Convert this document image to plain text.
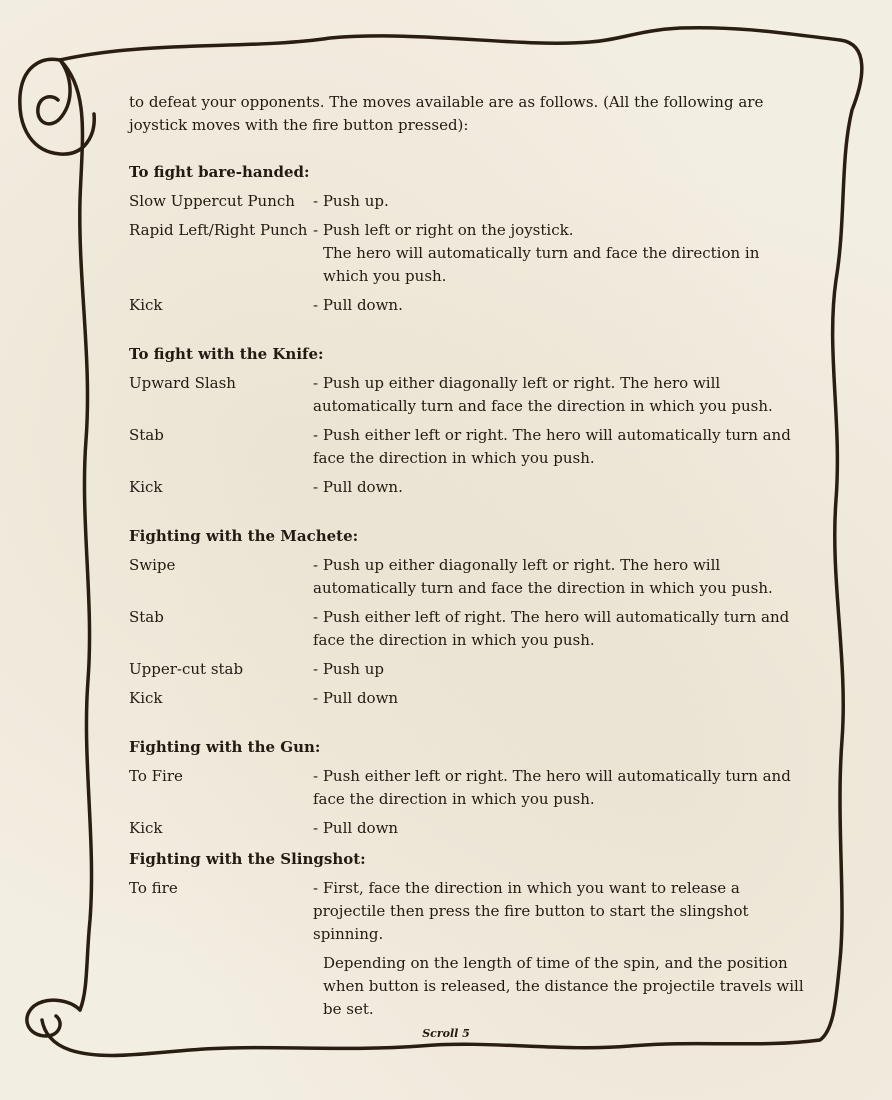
to defeat your opponents. The moves available are as follows. (All the following are joystick moves with the fire button pressed):

To fight bare-handed:

Slow Uppercut Punch	- Push up.

Rapid Left/Right Punch - Push left or right on the joystick.

The hero will automatically turn and face the direction in which you push.

Kick	- Pull down.

To fight with the Knife:

Upward Slash	- Push up either diagonally left or right. The hero will automatically turn and face the direction in which you push.

Stab	- Push either left or right. The hero will automatically turn and face the direction in which you push.

Kick	- Pull down.

Fighting with the Machete:

Swipe	- Push up either diagonally left or right. The hero will automatically turn and face the direction in which you push.

Stab	- Push either left of right. The hero will automatically turn and face the direction in which you push.

Upper-cut stab	- Push up

Kick	- Pull down

Fighting with the Gun:

To Fire	- Push either left or right. The hero will automatically turn and face the direction in which you push.

Kick	- Pull down

Fighting with the Slingshot:

To fire	- First, face the direction in which you want to release a projectile then press the fire button to start the slingshot spinning.

Depending on the length of time of the spin, and the position when button is released, the distance the projectile travels will be set.

Scroll 5
